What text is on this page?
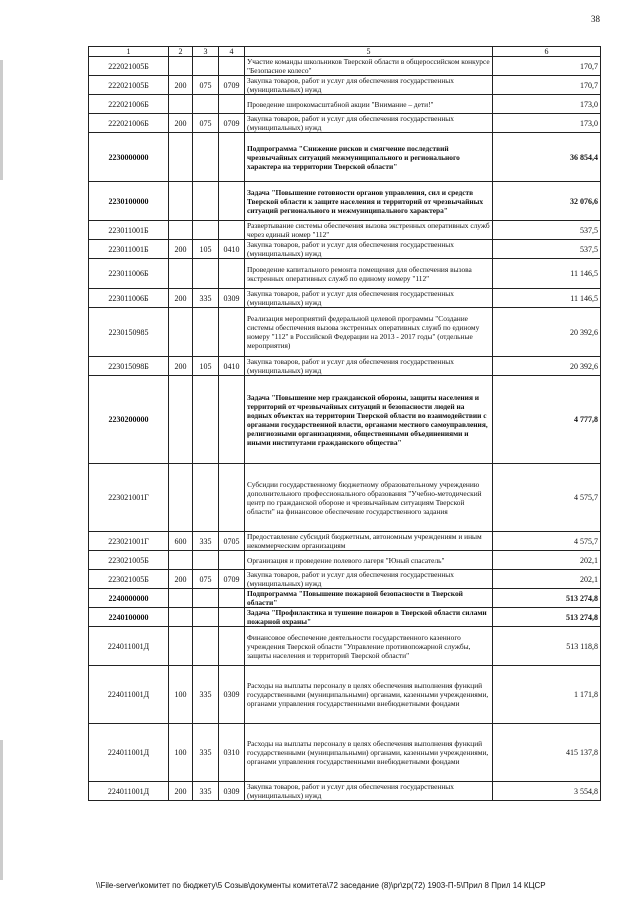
38
1	2	3	4	5	6
222021005Б				Участие команды школьников Тверской области в общероссийском конкурсе "Безопасное колесо"	170,7
222021005Б	200	075	0709	Закупка товаров, работ и услуг для обеспечения государственных (муниципальных) нужд	170,7
222021006Б				Проведение широкомасштабной акции "Внимание – дети!"	173,0
222021006Б	200	075	0709	Закупка товаров, работ и услуг для обеспечения государственных (муниципальных) нужд	173,0
2230000000				Подпрограмма "Снижение рисков и смягчение последствий чрезвычайных ситуаций межмуниципального и регионального характера на территории Тверской области"	36 854,4
2230100000				Задача "Повышение готовности органов управления, сил и средств Тверской области к защите населения и территорий от чрезвычайных ситуаций регионального и межмуниципального характера"	32 076,6
223011001Б				Развертывание системы обеспечения вызова экстренных оперативных служб через единый номер "112"	537,5
223011001Б	200	105	0410	Закупка товаров, работ и услуг для обеспечения государственных (муниципальных) нужд	537,5
223011006Б				Проведение капитального ремонта помещения для обеспечения вызова экстренных оперативных служб по единому номеру "112"	11 146,5
223011006Б	200	335	0309	Закупка товаров, работ и услуг для обеспечения государственных (муниципальных) нужд	11 146,5
2230150985				Реализация мероприятий федеральной целевой программы "Создание системы обеспечения вызова экстренных оперативных служб по единому номеру "112" в Российской Федерации на 2013 - 2017 годы" (отдельные мероприятия)	20 392,6
223015098Б	200	105	0410	Закупка товаров, работ и услуг для обеспечения государственных (муниципальных) нужд	20 392,6
2230200000				Задача "Повышение мер гражданской обороны, защиты населения и территорий от чрезвычайных ситуаций и безопасности людей на водных объектах на территории Тверской области во взаимодействии с органами государственной власти, органами местного самоуправления, религиозными организациями, общественными объединениями и иными институтами гражданского общества"	4 777,8
223021001Г				Субсидии государственному бюджетному образовательному учреждению дополнительного профессионального образования "Учебно-методический центр по гражданской обороне и чрезвычайным ситуациям Тверской области" на финансовое обеспечение государственного задания	4 575,7
223021001Г	600	335	0705	Предоставление субсидий бюджетным, автономным учреждениям и иным некоммерческим организациям	4 575,7
223021005Б				Организация и проведение полевого лагеря "Юный спасатель"	202,1
223021005Б	200	075	0709	Закупка товаров, работ и услуг для обеспечения государственных (муниципальных) нужд	202,1
2240000000				Подпрограмма "Повышение пожарной безопасности в Тверской области"	513 274,8
2240100000				Задача "Профилактика и тушение пожаров в Тверской области силами пожарной охраны"	513 274,8
224011001Д				Финансовое обеспечение деятельности государственного казенного учреждения Тверской области "Управление противопожарной службы, защиты населения и территорий Тверской области"	513 118,8
224011001Д	100	335	0309	Расходы на выплаты персоналу в целях обеспечения выполнения функций государственными (муниципальными) органами, казенными учреждениями, органами управления государственными внебюджетными фондами	1 171,8
224011001Д	100	335	0310	Расходы на выплаты персоналу в целях обеспечения выполнения функций государственными (муниципальными) органами, казенными учреждениями, органами управления государственными внебюджетными фондами	415 137,8
224011001Д	200	335	0309	Закупка товаров, работ и услуг для обеспечения государственных (муниципальных) нужд	3 554,8
\\File-server\комитет по бюджету\5 Созыв\документы комитета\72 заседание (8)\pr\zp(72) 1903-П-5\Прил 8 Прил 14 КЦСР
